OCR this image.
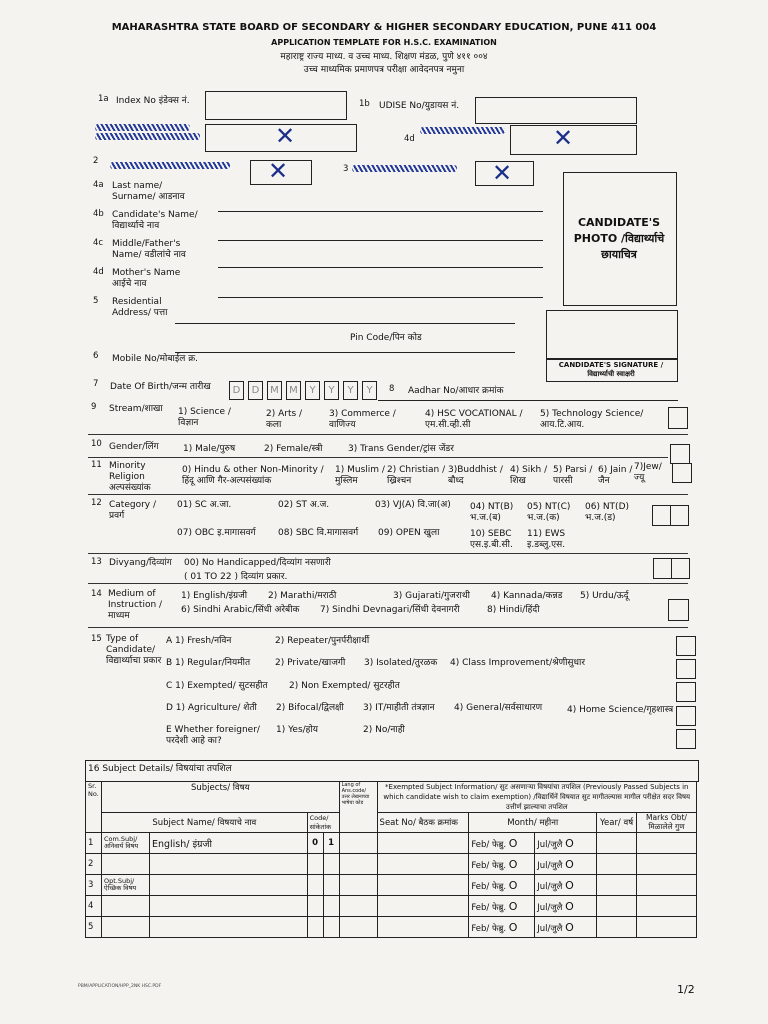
MAHARASHTRA STATE BOARD OF SECONDARY & HIGHER SECONDARY EDUCATION, PUNE 411 004
APPLICATION TEMPLATE FOR H.S.C. EXAMINATION
महाराष्ट्र राज्य माध्य. व उच्च माध्य. शिक्षण मंडळ, पुणे ४११ ००४
उच्च माध्यमिक प्रमाणपत्र परीक्षा आवेदनपत्र नमुना
1a Index No इंडेक्स नं.	1b UDISE No/युडायस नं.
✕	4d	✕
2	✕	3	✕
CANDIDATE'S PHOTO /विद्यार्थ्याचे छायाचित्र
4a Last name/ Surname/ आडनाव
4b Candidate's Name/ विद्यार्थ्याचे नाव
4c Middle/Father's Name/ वडीलांचे नाव
4d Mother's Name आईचे नाव
5 Residential Address/ पत्ता
Pin Code/पिन कोड
CANDIDATE'S SIGNATURE / विद्यार्थ्याची स्वाक्षरी
6 Mobile No/मोबाईल क्र.
7 Date Of Birth/जन्म तारीख	D	D	M	M	Y	Y	Y	Y	8 Aadhar No/आधार क्रमांक
9 Stream/शाखा 1) Science /विज्ञान
2) Arts /कला
3) Commerce /वाणिज्य
4) HSC VOCATIONAL /एम.सी.व्ही.सी
5) Technology Science/ आय.टि.आय.
10 Gender/लिंग	1) Male/पुरुष	2) Female/स्त्री	3) Trans Gender/ट्रांस जेंडर
11 Minority Religion अल्पसंख्यांक
0) Hindu & other Non-Minority /हिंदू आणि गैर-अल्पसंख्यांक
1) Muslim /मुस्लिम
2) Christian /ख्रिश्चन
3)Buddhist /बौध्द
4) Sikh /शिख
5) Parsi /पारसी
6) Jain /जैन
7)Jew/ ज्यू
12 Category / प्रवर्ग
01) SC अ.जा.	02) ST अ.ज.	03) VJ(A) वि.जा(अ) 04) NT(B) भ.ज.(ब)
05) NT(C) भ.ज.(क)
06) NT(D) भ.ज.(ड)
07) OBC इ.मागासवर्ग 08) SBC वि.मागासवर्ग 09) OPEN खुला	10) SEBC एस.इ.बी.सी.
11) EWS इ.डब्लु.एस.
13 Divyang/दिव्यांग 00) No Handicapped/दिव्यांग नसणारी
( 01 TO 22 ) दिव्यांग प्रकार.
14 Medium of Instruction /माध्यम
1) English/इंग्रजी 2) Marathi/मराठी	3) Gujarati/गुजराथी 4) Kannada/कन्नड 5) Urdu/ऊर्दू
6) Sindhi Arabic/सिंधी अरेबीक 7) Sindhi Devnagari/सिंधी देवनागरी	8) Hindi/हिंदी
15 Type of Candidate/ विद्यार्थ्याचा प्रकार
A 1) Fresh/नविन	2) Repeater/पुनर्परीक्षार्थी
B 1) Regular/नियमीत	2) Private/खाजगी 3) Isolated/तुरळक 4) Class Improvement/श्रेणीसुधार
C 1) Exempted/ सुटसहीत 2) Non Exempted/ सुटरहीत
D 1) Agriculture/ शेती 2) Bifocal/द्विलक्षी 3) IT/माहीती तंत्रज्ञान 4) General/सर्वसाधारण	4) Home Science/गृहशास्त्र
E Whether foreigner/ परदेशी आहे का?
1) Yes/होय	2) No/नाही
16 Subject Details/ विषयांचा तपशिल
Sr. No.	Subjects/ विषय				Lang of Ans.code/ उत्तर लेखनाच्या भाषेचा कोड	*Exempted Subject Information/ सुट असणाऱ्या विषयांचा तपशिल (Previously Passed Subjects in which candidate wish to claim exemption) /विद्यार्थिनें विषयात सुट मागीतल्यास मागील परीक्षेत सदर विषय उत्तीर्ण झाल्याचा तपशिल				
	Subject Name/ विषयाचे नाव		Code/ सांकेतांक			Seat No/ बैठक क्रमांक	Month/ महीना		Year/ वर्ष	Marks Obt/ मिळालेले गुण
1	Com.Subj/ अनिवार्य विषय	English/ इंग्रजी	0	1			Feb/ फेब्रु. O	Jul/जुलै O		
2							Feb/ फेब्रु. O	Jul/जुलै O		
3	Opt.Subj/ ऐच्छिक विषय						Feb/ फेब्रु. O	Jul/जुलै O		
4							Feb/ फेब्रु. O	Jul/जुलै O		
5							Feb/ फेब्रु. O	Jul/जुलै O		
PBM/APPLICATION/HPP_2NK HSC.PDF	1/2
